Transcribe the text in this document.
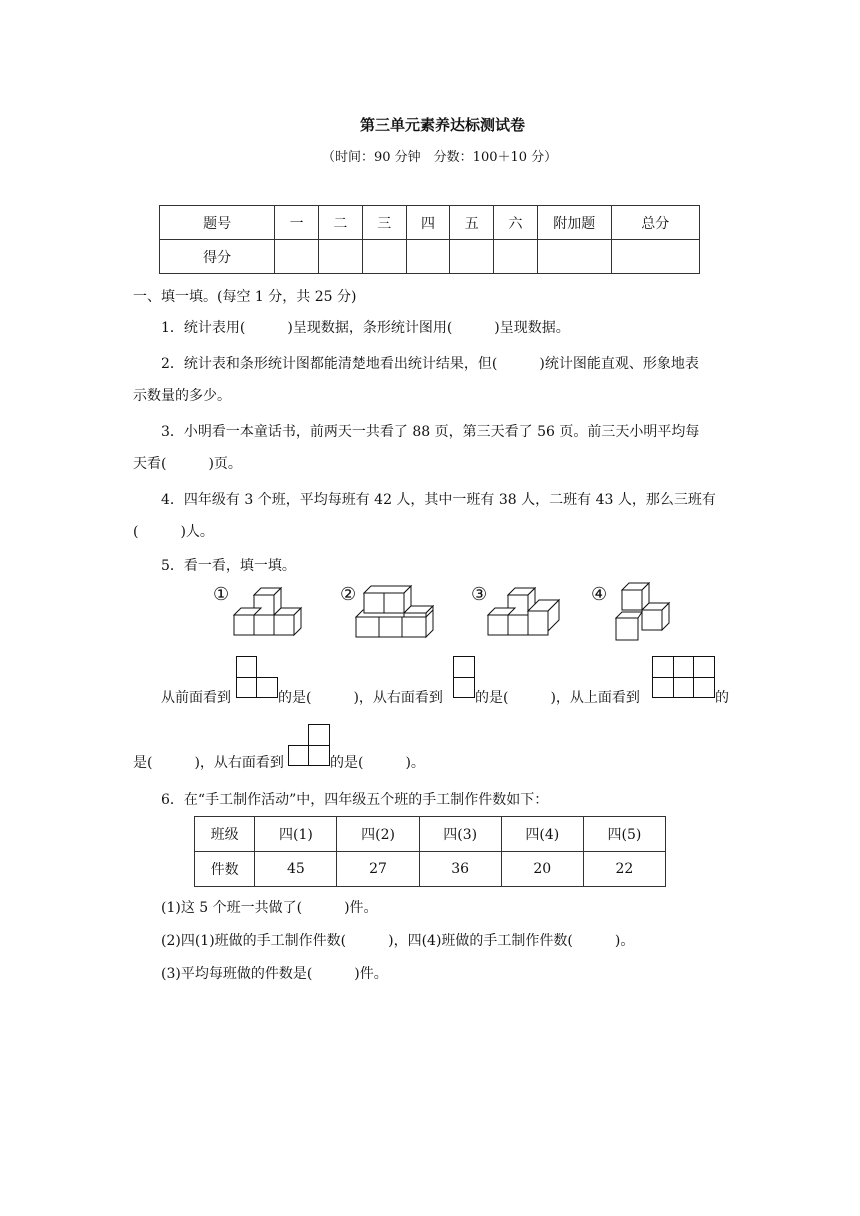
第三单元素养达标测试卷
（时间：90 分钟　分数：100＋10 分）
题号	一	二	三	四	五	六	附加题	总分
得分								
一、填一填。(每空 1 分，共 25 分)
1．统计表用(　　　)呈现数据，条形统计图用(　　　)呈现数据。
2．统计表和条形统计图都能清楚地看出统计结果，但(　　　)统计图能直观、形象地表
示数量的多少。
3．小明看一本童话书，前两天一共看了 88 页，第三天看了 56 页。前三天小明平均每
天看(　　　)页。
4．四年级有 3 个班，平均每班有 42 人，其中一班有 38 人，二班有 43 人，那么三班有
(　　　)人。
5．看一看，填一填。
①	②	③	④
从前面看到	的是(　　　)，从右面看到 的是(　　　)，从上面看到	的
是(　　　)，从右面看到	的是(　　　)。
6．在“手工制作活动”中，四年级五个班的手工制作件数如下：
班级	四(1)	四(2)	四(3)	四(4)	四(5)
件数	45	27	36	20	22
(1)这 5 个班一共做了(　　　)件。
(2)四(1)班做的手工制作件数(　　　)，四(4)班做的手工制作件数(　　　)。
(3)平均每班做的件数是(　　　)件。
